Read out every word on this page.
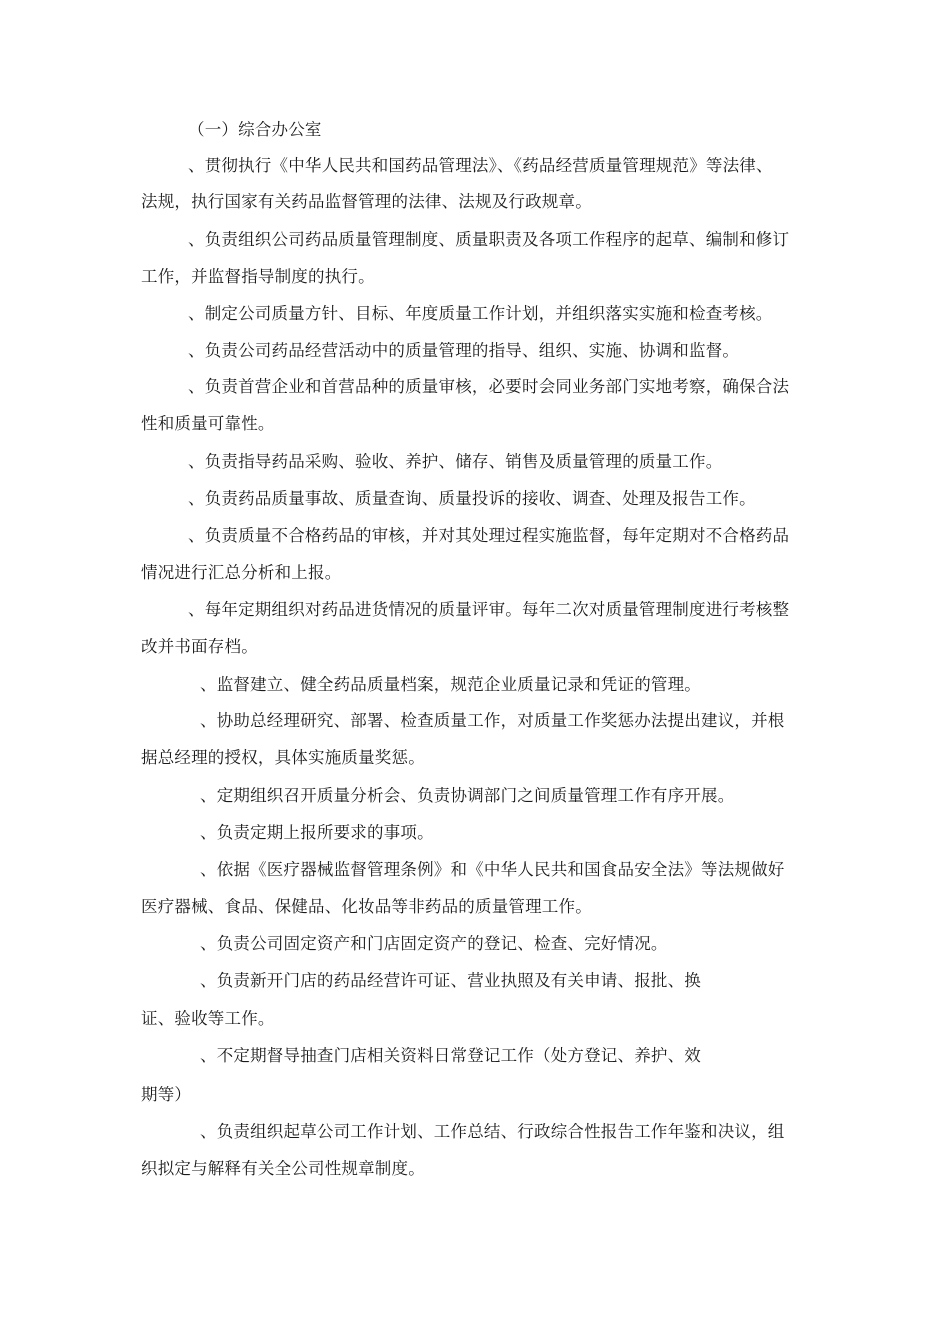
（一）综合办公室
、贯彻执行《中华人民共和国药品管理法》、《药品经营质量管理规范》等法律、
法规，执行国家有关药品监督管理的法律、法规及行政规章。
、负责组织公司药品质量管理制度、质量职责及各项工作程序的起草、编制和修订
工作，并监督指导制度的执行。
、制定公司质量方针、目标、年度质量工作计划，并组织落实实施和检查考核。
、负责公司药品经营活动中的质量管理的指导、组织、实施、协调和监督。
、负责首营企业和首营品种的质量审核，必要时会同业务部门实地考察，确保合法
性和质量可靠性。
、负责指导药品采购、验收、养护、储存、销售及质量管理的质量工作。
、负责药品质量事故、质量查询、质量投诉的接收、调查、处理及报告工作。
、负责质量不合格药品的审核，并对其处理过程实施监督，每年定期对不合格药品
情况进行汇总分析和上报。
、每年定期组织对药品进货情况的质量评审。每年二次对质量管理制度进行考核整
改并书面存档。
、监督建立、健全药品质量档案，规范企业质量记录和凭证的管理。
、协助总经理研究、部署、检查质量工作，对质量工作奖惩办法提出建议，并根
据总经理的授权，具体实施质量奖惩。
、定期组织召开质量分析会、负责协调部门之间质量管理工作有序开展。
、负责定期上报所要求的事项。
、依据《医疗器械监督管理条例》和《中华人民共和国食品安全法》等法规做好
医疗器械、食品、保健品、化妆品等非药品的质量管理工作。
、负责公司固定资产和门店固定资产的登记、检查、完好情况。
、负责新开门店的药品经营许可证、营业执照及有关申请、报批、换
证、验收等工作。
、不定期督导抽查门店相关资料日常登记工作（处方登记、养护、效
期等）
、负责组织起草公司工作计划、工作总结、行政综合性报告工作年鉴和决议，组
织拟定与解释有关全公司性规章制度。
